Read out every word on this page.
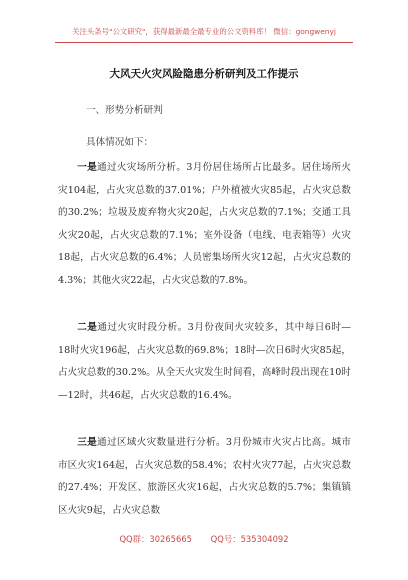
关注头条号"公文研究"，获得最新最全最专业的公文资料库！ 微信：gongwenyj
大风天火灾风险隐患分析研判及工作提示
一、形势分析研判
具体情况如下：

一是通过火灾场所分析。3月份居住场所占比最多。居住场所火灾104起，占火灾总数的37.01%；户外植被火灾85起，占火灾总数的30.2%；垃圾及废弃物火灾20起，占火灾总数的7.1%；交通工具火灾20起，占火灾总数的7.1%；室外设备（电线、电表箱等）火灾18起，占火灾总数的6.4%；人员密集场所火灾12起，占火灾总数的4.3%；其他火灾22起，占火灾总数的7.8%。

二是通过火灾时段分析。3月份夜间火灾较多，其中每日6时—18时火灾196起，占火灾总数的69.8%；18时—次日6时火灾85起，占火灾总数的30.2%。从全天火灾发生时间看，高峰时段出现在10时—12时，共46起，占火灾总数的16.4%。

三是通过区域火灾数量进行分析。3月份城市火灾占比高。城市市区火灾164起，占火灾总数的58.4%；农村火灾77起，占火灾总数的27.4%；开发区、旅游区火灾16起，占火灾总数的5.7%；集镇镇区火灾9起，占火灾总数

QQ群：30265665 QQ号：535304092
